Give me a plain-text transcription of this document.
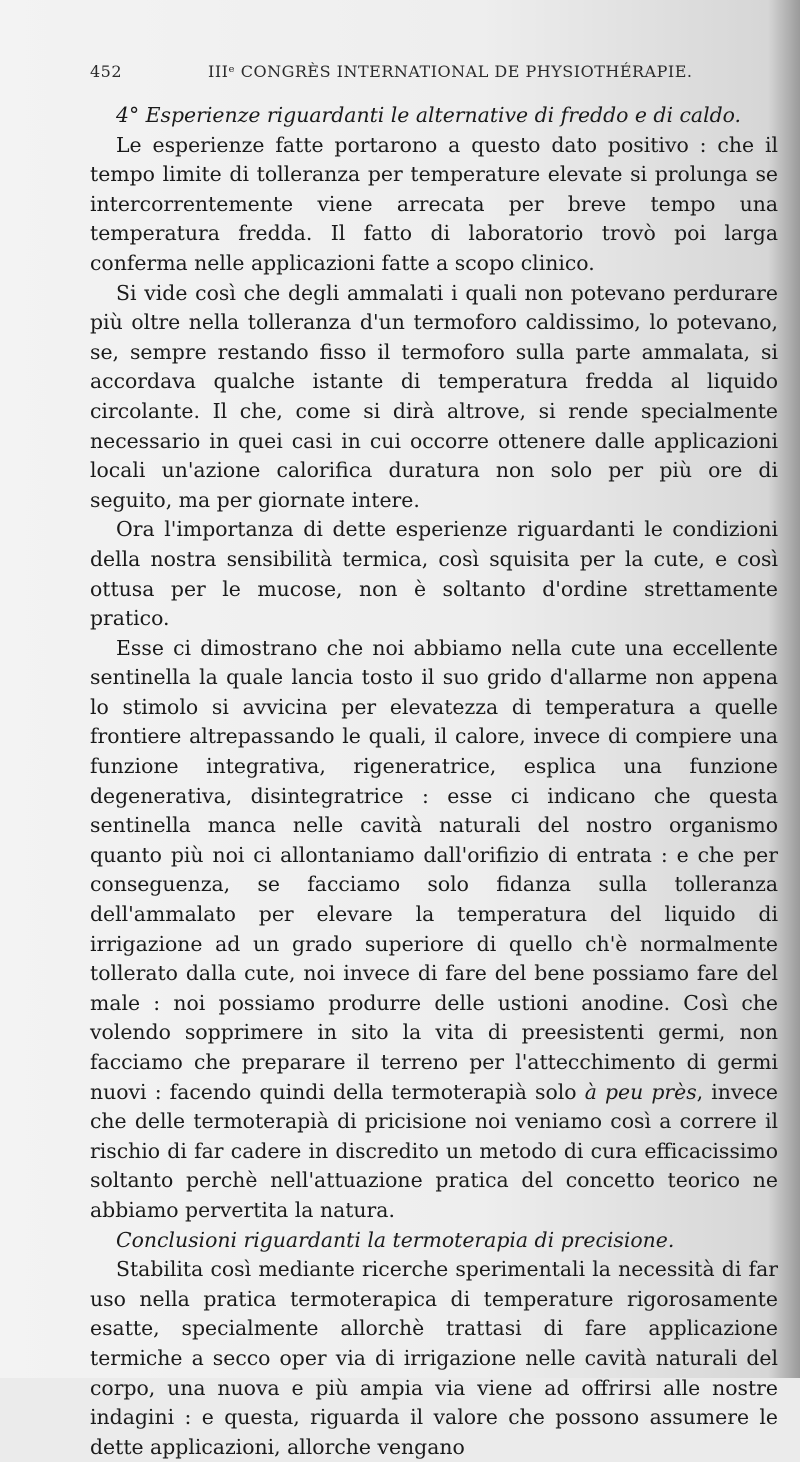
452	IIIᵉ CONGRÈS INTERNATIONAL DE PHYSIOTHÉRAPIE.

4° Esperienze riguardanti le alternative di freddo e di caldo.

Le esperienze fatte portarono a questo dato positivo : che il tempo limite di tolleranza per temperature elevate si prolunga se intercorrentemente viene arrecata per breve tempo una temperatura fredda. Il fatto di laboratorio trovò poi larga conferma nelle applicazioni fatte a scopo clinico.

Si vide così che degli ammalati i quali non potevano perdurare più oltre nella tolleranza d'un termoforo caldissimo, lo potevano, se, sempre restando fisso il termoforo sulla parte ammalata, si accordava qualche istante di temperatura fredda al liquido circolante. Il che, come si dirà altrove, si rende specialmente necessario in quei casi in cui occorre ottenere dalle applicazioni locali un'azione calorifica duratura non solo per più ore di seguito, ma per giornate intere.

Ora l'importanza di dette esperienze riguardanti le condizioni della nostra sensibilità termica, così squisita per la cute, e così ottusa per le mucose, non è soltanto d'ordine strettamente pratico.

Esse ci dimostrano che noi abbiamo nella cute una eccellente sentinella la quale lancia tosto il suo grido d'allarme non appena lo stimolo si avvicina per elevatezza di temperatura a quelle frontiere altrepassando le quali, il calore, invece di compiere una funzione integrativa, rigeneratrice, esplica una funzione degenerativa, disintegratrice : esse ci indicano che questa sentinella manca nelle cavità naturali del nostro organismo quanto più noi ci allontaniamo dall'orifizio di entrata : e che per conseguenza, se facciamo solo fidanza sulla tolleranza dell'ammalato per elevare la temperatura del liquido di irrigazione ad un grado superiore di quello ch'è normalmente tollerato dalla cute, noi invece di fare del bene possiamo fare del male : noi possiamo produrre delle ustioni anodine. Così che volendo sopprimere in sito la vita di preesistenti germi, non facciamo che preparare il terreno per l'attecchimento di germi nuovi : facendo quindi della termoterapià solo à peu près, invece che delle termoterapià di pricisione noi veniamo così a correre il rischio di far cadere in discredito un metodo di cura efficacissimo soltanto perchè nell'attuazione pratica del concetto teorico ne abbiamo pervertita la natura.

Conclusioni riguardanti la termoterapia di precisione.

Stabilita così mediante ricerche sperimentali la necessità di far uso nella pratica termoterapica di temperature rigorosamente esatte, specialmente allorchè trattasi di fare applicazione termiche a secco oper via di irrigazione nelle cavità naturali del corpo, una nuova e più ampia via viene ad offrirsi alle nostre indagini : e questa, riguarda il valore che possono assumere le dette applicazioni, allorche vengano
